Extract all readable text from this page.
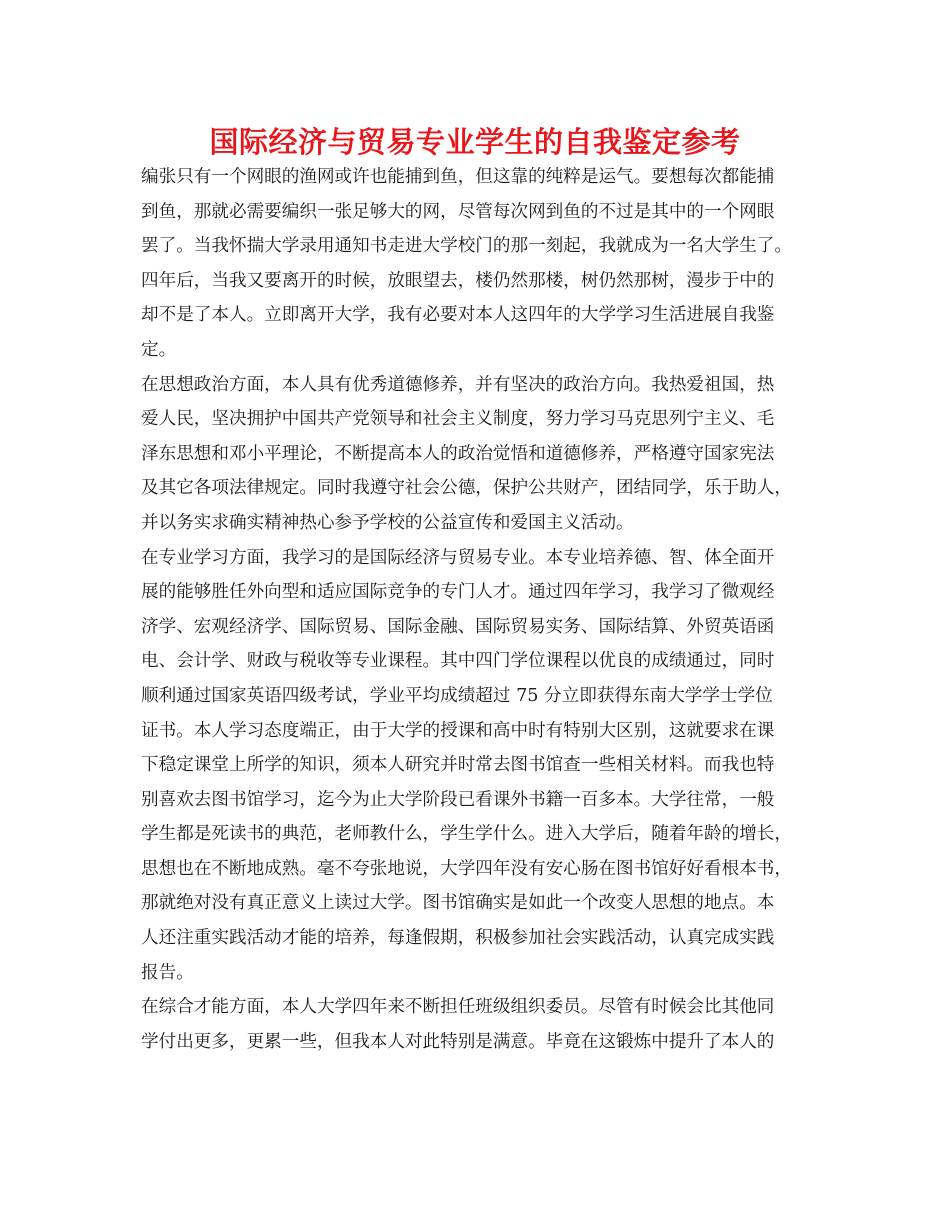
国际经济与贸易专业学生的自我鉴定参考
编张只有一个网眼的渔网或许也能捕到鱼，但这靠的纯粹是运气。要想每次都能捕
到鱼，那就必需要编织一张足够大的网，尽管每次网到鱼的不过是其中的一个网眼
罢了。当我怀揣大学录用通知书走进大学校门的那一刻起，我就成为一名大学生了。
四年后，当我又要离开的时候，放眼望去，楼仍然那楼，树仍然那树，漫步于中的
却不是了本人。立即离开大学，我有必要对本人这四年的大学学习生活进展自我鉴
定。
在思想政治方面，本人具有优秀道德修养，并有坚决的政治方向。我热爱祖国，热
爱人民，坚决拥护中国共产党领导和社会主义制度，努力学习马克思列宁主义、毛
泽东思想和邓小平理论，不断提高本人的政治觉悟和道德修养，严格遵守国家宪法
及其它各项法律规定。同时我遵守社会公德，保护公共财产，团结同学，乐于助人，
并以务实求确实精神热心参予学校的公益宣传和爱国主义活动。
在专业学习方面，我学习的是国际经济与贸易专业。本专业培养德、智、体全面开
展的能够胜任外向型和适应国际竞争的专门人才。通过四年学习，我学习了微观经
济学、宏观经济学、国际贸易、国际金融、国际贸易实务、国际结算、外贸英语函
电、会计学、财政与税收等专业课程。其中四门学位课程以优良的成绩通过，同时
顺利通过国家英语四级考试，学业平均成绩超过 75 分立即获得东南大学学士学位
证书。本人学习态度端正，由于大学的授课和高中时有特别大区别，这就要求在课
下稳定课堂上所学的知识，须本人研究并时常去图书馆查一些相关材料。而我也特
别喜欢去图书馆学习，迄今为止大学阶段已看课外书籍一百多本。大学往常，一般
学生都是死读书的典范，老师教什么，学生学什么。进入大学后，随着年龄的增长，
思想也在不断地成熟。毫不夸张地说，大学四年没有安心肠在图书馆好好看根本书，
那就绝对没有真正意义上读过大学。图书馆确实是如此一个改变人思想的地点。本
人还注重实践活动才能的培养，每逢假期，积极参加社会实践活动，认真完成实践
报告。
在综合才能方面，本人大学四年来不断担任班级组织委员。尽管有时候会比其他同
学付出更多，更累一些，但我本人对此特别是满意。毕竟在这锻炼中提升了本人的
